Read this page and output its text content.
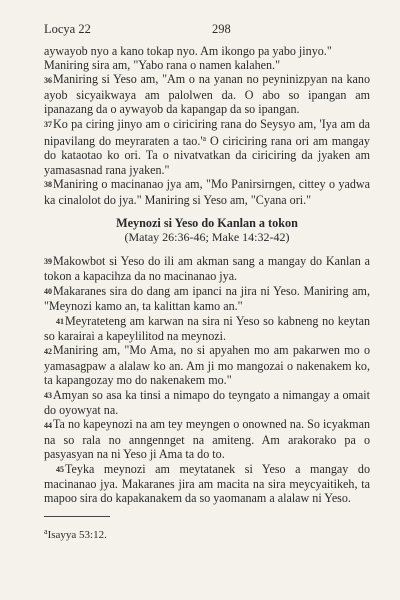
Locya 22	298

aywayob nyo a kano tokap nyo. Am ikongo pa yabo jinyo."

Maniring sira am, "Yabo rana o namen kalahen."

36Maniring si Yeso am, "Am o na yanan no peyninizpyan na kano ayob sicyaikwaya am palolwen da. O abo so ipangan am ipanazang da o aywayob da kapangap da so ipangan.

37Ko pa ciring jinyo am o ciriciring rana do Seysyo am, 'Iya am da nipavilang do meyraraten a tao.'$^a$ O ciriciring rana ori am mangay do kataotao ko ori. Ta o nivatvatkan da ciriciring da jyaken am yamasasnad rana jyaken."

38Maniring o macinanao jya am, "Mo Panirsirngen, cittey o yadwa ka cinalolot do jya." Maniring si Yeso am, "Cyana ori."

Meynozi si Yeso do Kanlan a tokon
(Matay 26:36-46; Make 14:32-42)

39Makowbot si Yeso do ili am akman sang a mangay do Kanlan a tokon a kapacihza da no macinanao jya.

40Makaranes sira do dang am ipanci na jira ni Yeso. Maniring am, "Meynozi kamo an, ta kalittan kamo an."

41Meyrateteng am karwan na sira ni Yeso so kabneng no keytan so karairai a kapeylilitod na meynozi.

42Maniring am, "Mo Ama, no si apyahen mo am pakarwen mo o yamasagpaw a alalaw ko an. Am ji mo mangozai o nakenakem ko, ta kapangozay mo do nakenakem mo."

43Amyan so asa ka tinsi a nimapo do teyngato a nimangay a omait do oyowyat na.

44Ta no kapeynozi na am tey meyngen o onowned na. So icyakman na so rala no anngennget na amiteng. Am arakorako pa o pasyasyan na ni Yeso ji Ama ta do to.

45Teyka meynozi am meytatanek si Yeso a mangay do macinanao jya. Makaranes jira am macita na sira meycyaitikeh, ta mapoo sira do kapakanakem da so yaomanam a alalaw ni Yeso.

$^a$Isayya 53:12.
